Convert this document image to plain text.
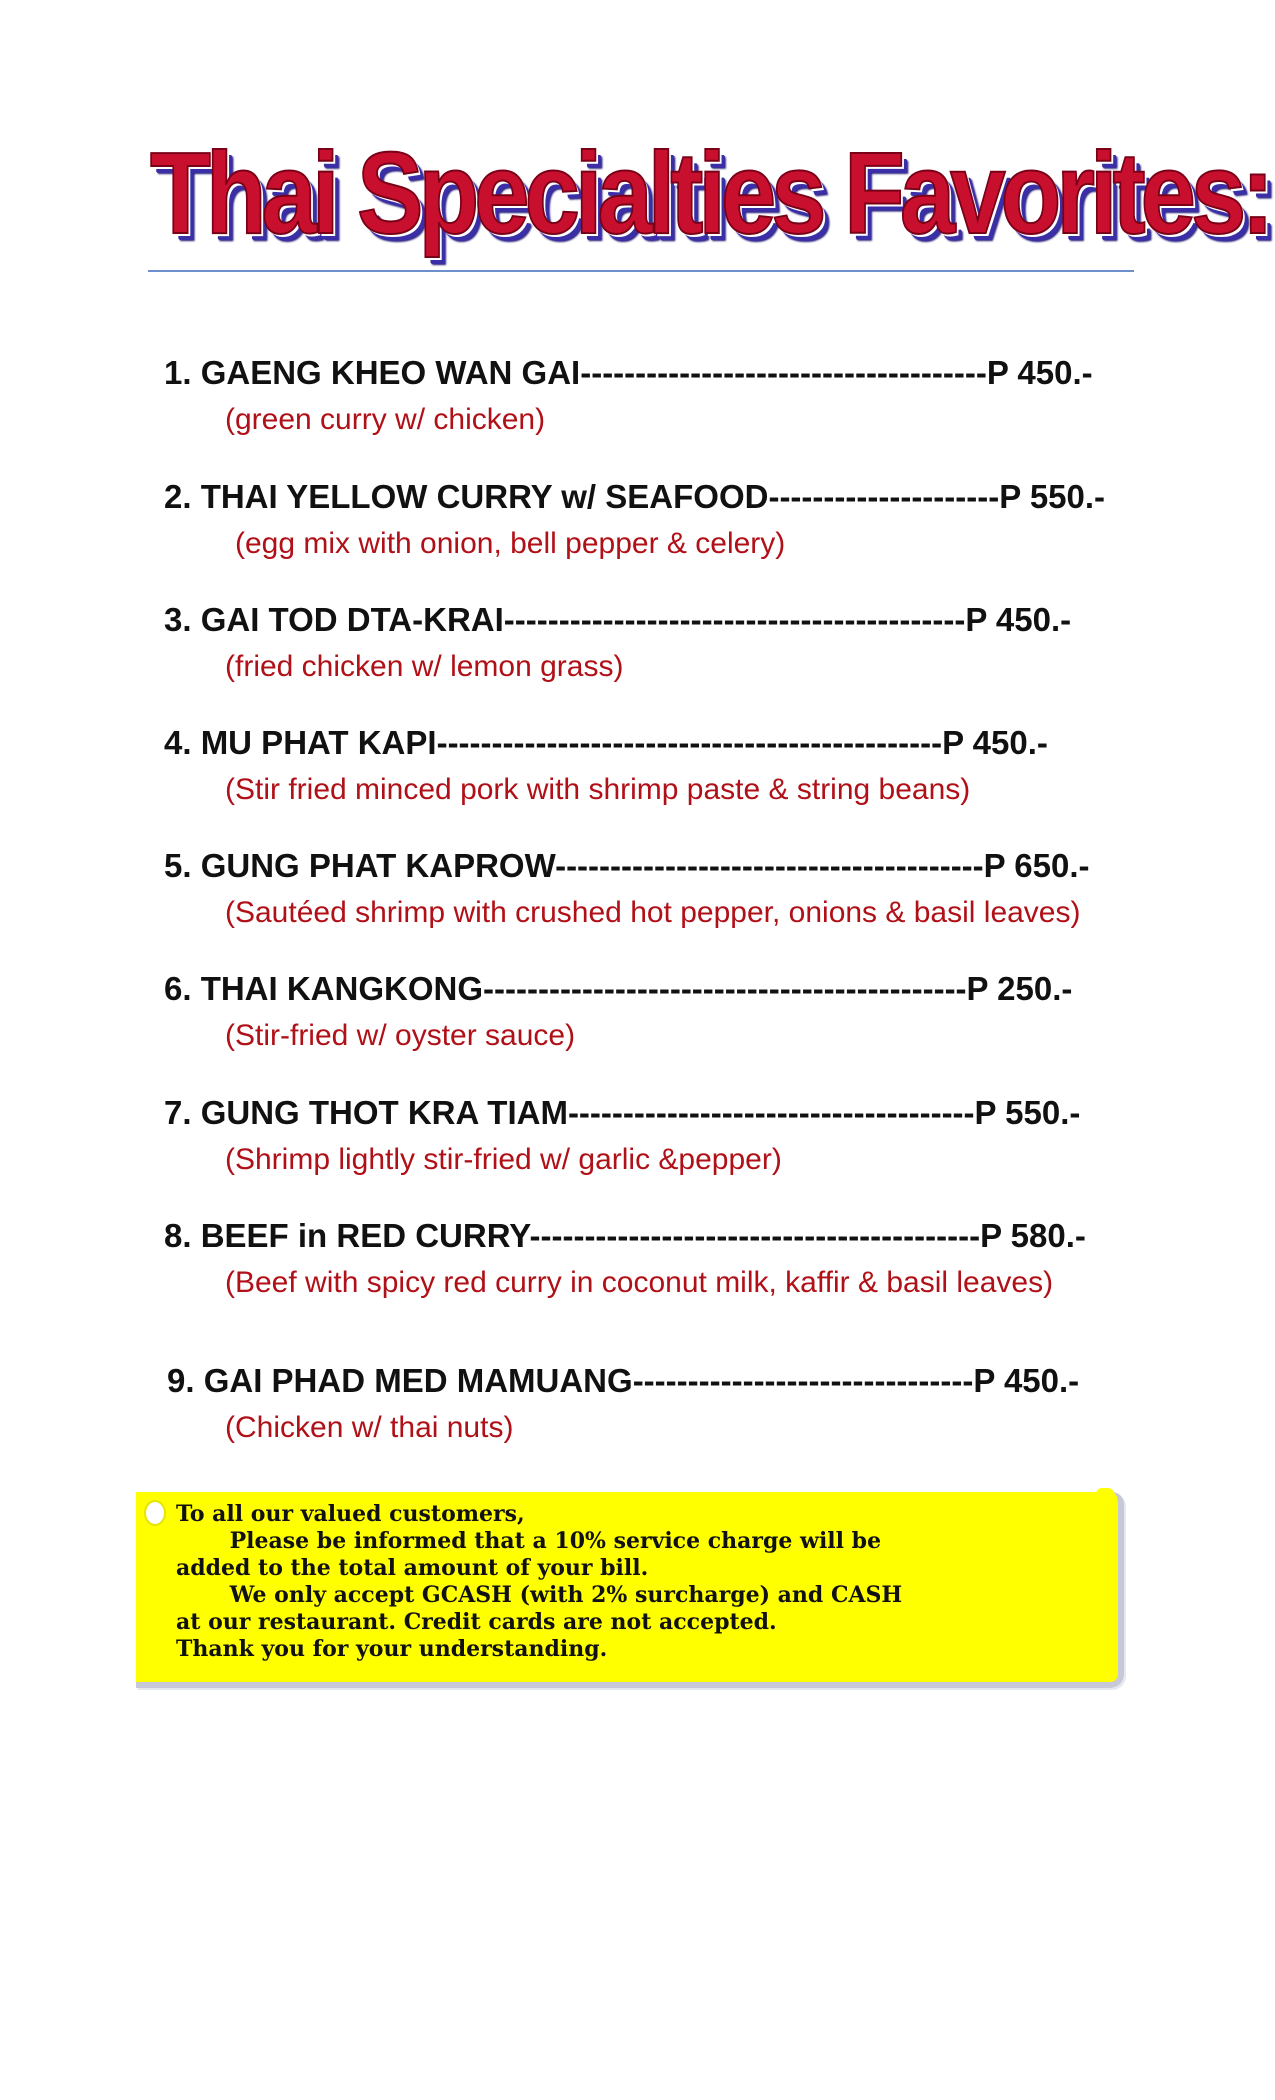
Thai Specialties Favorites:
1. GAENG KHEO WAN GAI-------------------------------------P 450.-
(green curry w/ chicken)
2. THAI YELLOW CURRY w/ SEAFOOD---------------------P 550.-
(egg mix with onion, bell pepper & celery)
3. GAI TOD DTA-KRAI------------------------------------------P 450.-
(fried chicken w/ lemon grass)
4. MU PHAT KAPI----------------------------------------------P 450.-
(Stir fried minced pork with shrimp paste & string beans)
5. GUNG PHAT KAPROW---------------------------------------P 650.-
(Sautéed shrimp with crushed hot pepper, onions & basil leaves)
6. THAI KANGKONG--------------------------------------------P 250.-
(Stir-fried w/ oyster sauce)
7. GUNG THOT KRA TIAM-------------------------------------P 550.-
(Shrimp lightly stir-fried w/ garlic &pepper)
8. BEEF in RED CURRY-----------------------------------------P 580.-
(Beef with spicy red curry in coconut milk, kaffir & basil leaves)
9. GAI PHAD MED MAMUANG-------------------------------P 450.-
(Chicken w/ thai nuts)
To all our valued customers,
Please be informed that a 10% service charge will be
added to the total amount of your bill.
We only accept GCASH (with 2% surcharge) and CASH
at our restaurant. Credit cards are not accepted.
Thank you for your understanding.
